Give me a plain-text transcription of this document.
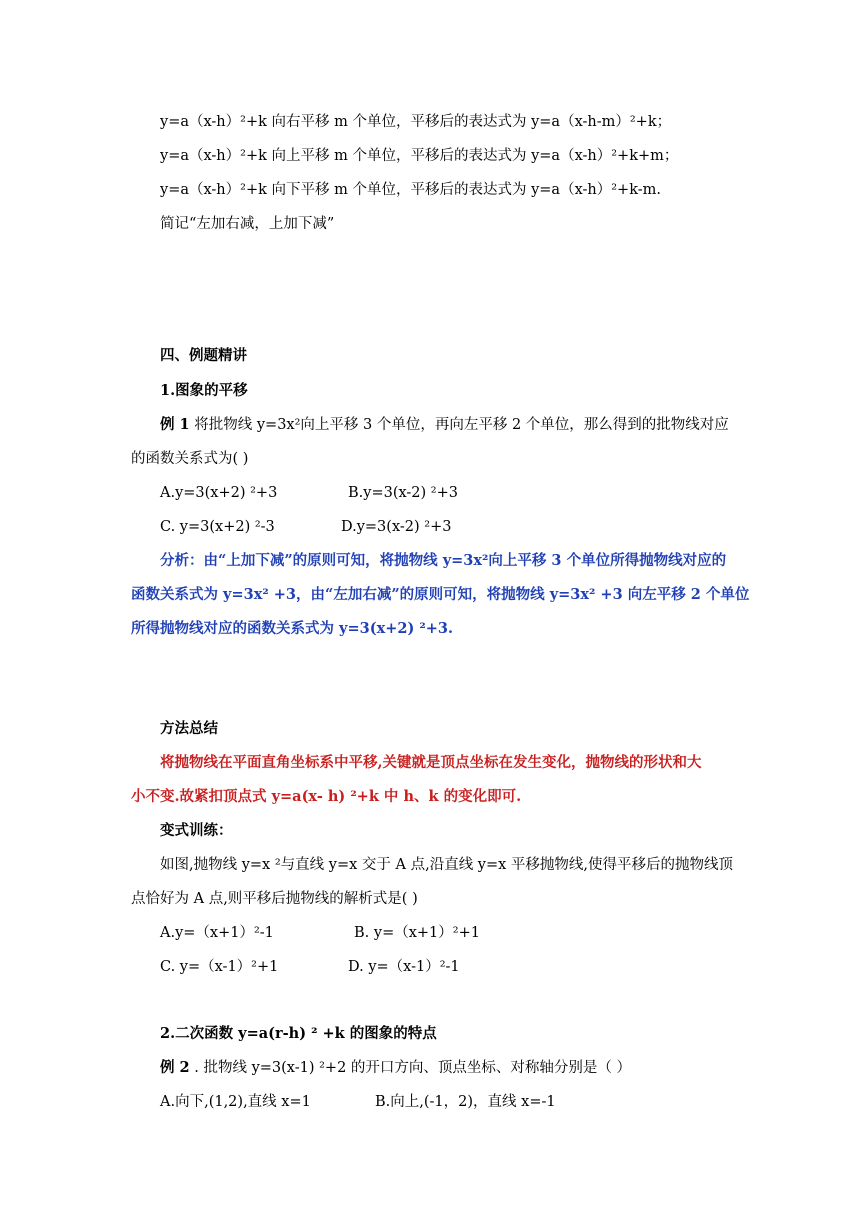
y=a（x-h）²+k 向右平移 m 个单位，平移后的表达式为 y=a（x-h-m）²+k；
y=a（x-h）²+k 向上平移 m 个单位，平移后的表达式为 y=a（x-h）²+k+m；
y=a（x-h）²+k 向下平移 m 个单位，平移后的表达式为 y=a（x-h）²+k-m.
简记“左加右减，上加下减”
四、例题精讲
1.图象的平移
例 1 将批物线 y=3x²向上平移 3 个单位，再向左平移 2 个单位，那么得到的批物线对应
的函数关系式为( )
A.y=3(x+2) ²+3	B.y=3(x-2) ²+3
C. y=3(x+2) ²-3	D.y=3(x-2) ²+3
分析：由“上加下减”的原则可知，将抛物线 y=3x²向上平移 3 个单位所得抛物线对应的
函数关系式为 y=3x² +3，由“左加右减”的原则可知，将抛物线 y=3x² +3 向左平移 2 个单位
所得抛物线对应的函数关系式为 y=3(x+2) ²+3.
方法总结
将抛物线在平面直角坐标系中平移,关键就是顶点坐标在发生变化，抛物线的形状和大
小不变.故紧扣顶点式 y=a(x- h) ²+k 中 h、k 的变化即可.
变式训练：
如图,抛物线 y=x ²与直线 y=x 交于 A 点,沿直线 y=x 平移抛物线,使得平移后的抛物线顶
点恰好为 A 点,则平移后抛物线的解析式是( )
A.y=（x+1）²-1	B. y=（x+1）²+1
C. y=（x-1）²+1	D. y=（x-1）²-1
2.二次函数 y=a(r-h) ² +k 的图象的特点
例 2 . 批物线 y=3(x-1) ²+2 的开口方向、顶点坐标、对称轴分别是（ ）
A.向下,(1,2),直线 x=1	B.向上,(-1，2)，直线 x=-1
